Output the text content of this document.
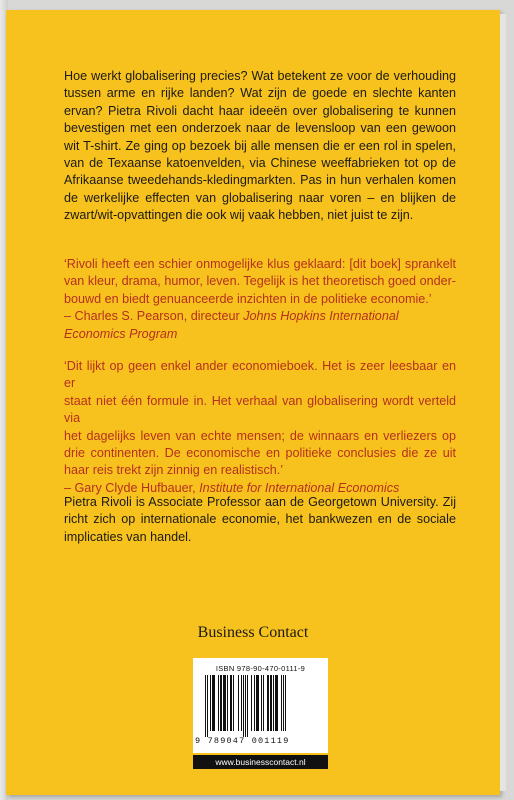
Hoe werkt globalisering precies? Wat betekent ze voor de verhouding tussen arme en rijke landen? Wat zijn de goede en slechte kanten ervan? Pietra Rivoli dacht haar ideeën over globalisering te kunnen bevestigen met een onderzoek naar de levensloop van een gewoon wit T-shirt. Ze ging op bezoek bij alle mensen die er een rol in spelen, van de Texaanse katoenvelden, via Chinese weeffabrieken tot op de Afrikaanse tweedehands-kledingmarkten. Pas in hun verhalen komen de werkelijke effecten van globalisering naar voren – en blijken de zwart/wit-opvattingen die ook wij vaak hebben, niet juist te zijn.

‘Rivoli heeft een schier onmogelijke klus geklaard: [dit boek] sprankelt
van kleur, drama, humor, leven. Tegelijk is het theoretisch goed onder-
bouwd en biedt genuanceerde inzichten in de politieke economie.’
– Charles S. Pearson, directeur Johns Hopkins International
Economics Program
‘Dit lijkt op geen enkel ander economieboek. Het is zeer leesbaar en er
staat niet één formule in. Het verhaal van globalisering wordt verteld via
het dagelijks leven van echte mensen; de winnaars en verliezers op
drie continenten. De economische en politieke conclusies die ze uit
haar reis trekt zijn zinnig en realistisch.’
– Gary Clyde Hufbauer, Institute for International Economics

Pietra Rivoli is Associate Professor aan de Georgetown University. Zij richt zich op internationale economie, het bankwezen en de sociale implicaties van handel.

Business Contact
ISBN 978-90-470-0111-9
9 789047 001119
www.businesscontact.nl
